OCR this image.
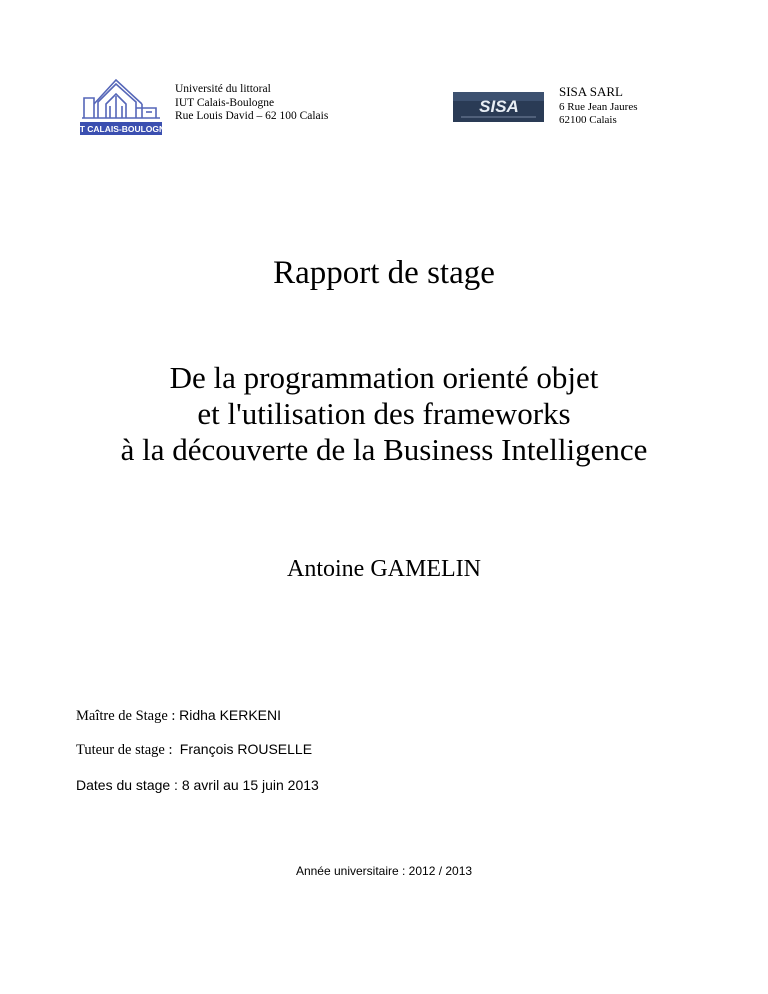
IUT CALAIS-BOULOGNE
Université du littoral
IUT Calais-Boulogne
Rue Louis David – 62 100 Calais	SISA
SISA SARL
6 Rue Jean Jaures
62100 Calais
Rapport de stage
De la programmation orienté objet
et l'utilisation des frameworks
à la découverte de la Business Intelligence
Antoine GAMELIN
Maître de Stage : Ridha KERKENI
Tuteur de stage :  François ROUSELLE
Dates du stage : 8 avril au 15 juin 2013
Année universitaire : 2012 / 2013
